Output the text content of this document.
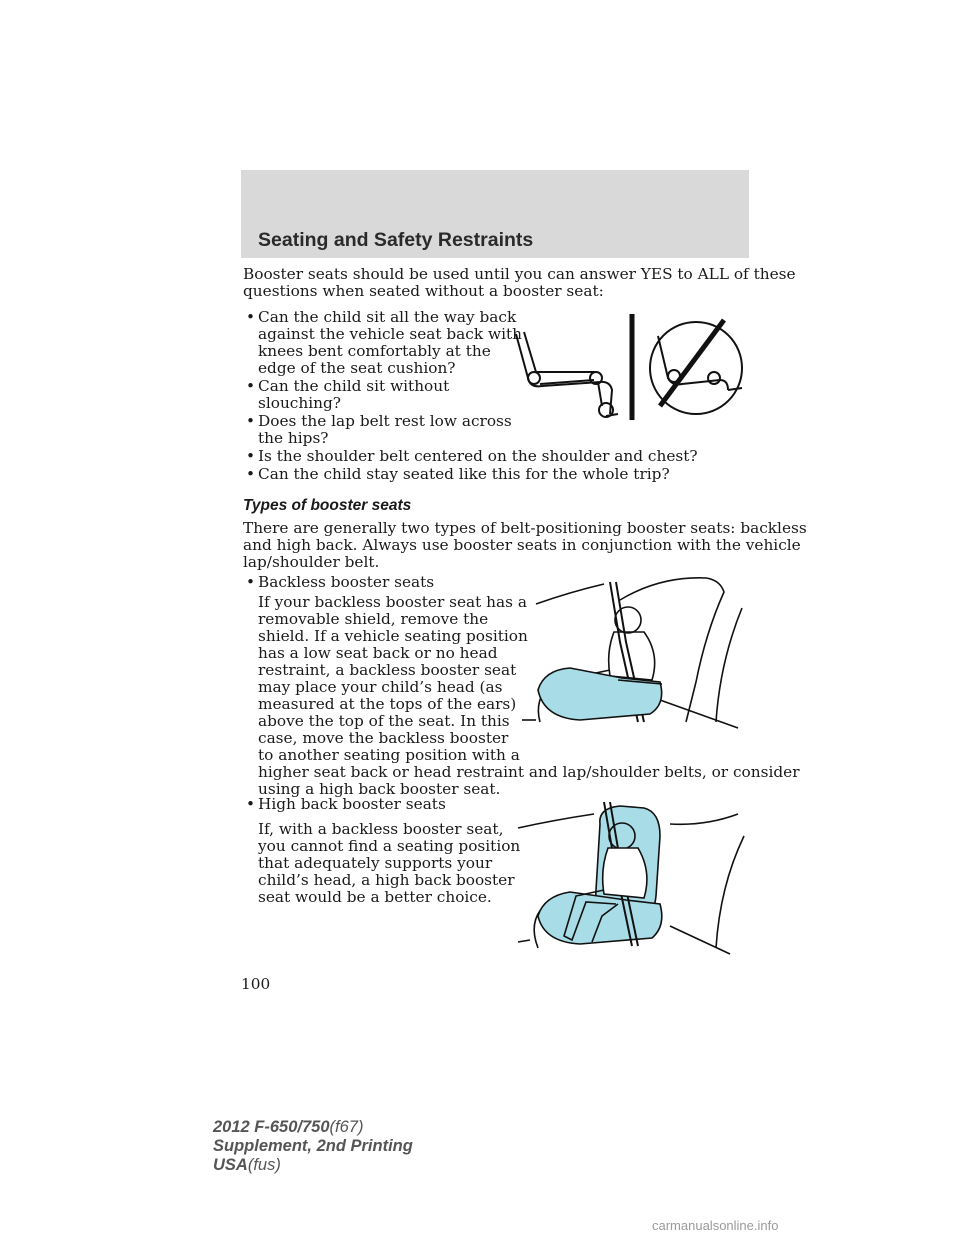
Seating and Safety Restraints
Booster seats should be used until you can answer YES to ALL of these
questions when seated without a booster seat:
• Can the child sit all the way back
against the vehicle seat back with
knees bent comfortably at the
edge of the seat cushion?
• Can the child sit without
slouching?
• Does the lap belt rest low across
the hips?
• Is the shoulder belt centered on the shoulder and chest?
• Can the child stay seated like this for the whole trip?
Types of booster seats
There are generally two types of belt-positioning booster seats: backless
and high back. Always use booster seats in conjunction with the vehicle
lap/shoulder belt.
• Backless booster seats
If your backless booster seat has a
removable shield, remove the
shield. If a vehicle seating position
has a low seat back or no head
restraint, a backless booster seat
may place your child’s head (as
measured at the tops of the ears)
above the top of the seat. In this
case, move the backless booster
to another seating position with a
higher seat back or head restraint and lap/shoulder belts, or consider
using a high back booster seat.
• High back booster seats
If, with a backless booster seat,
you cannot find a seating position
that adequately supports your
child’s head, a high back booster
seat would be a better choice.
100
2012 F-650/750(f67)
Supplement, 2nd Printing
USA(fus)
carmanualsonline.info
